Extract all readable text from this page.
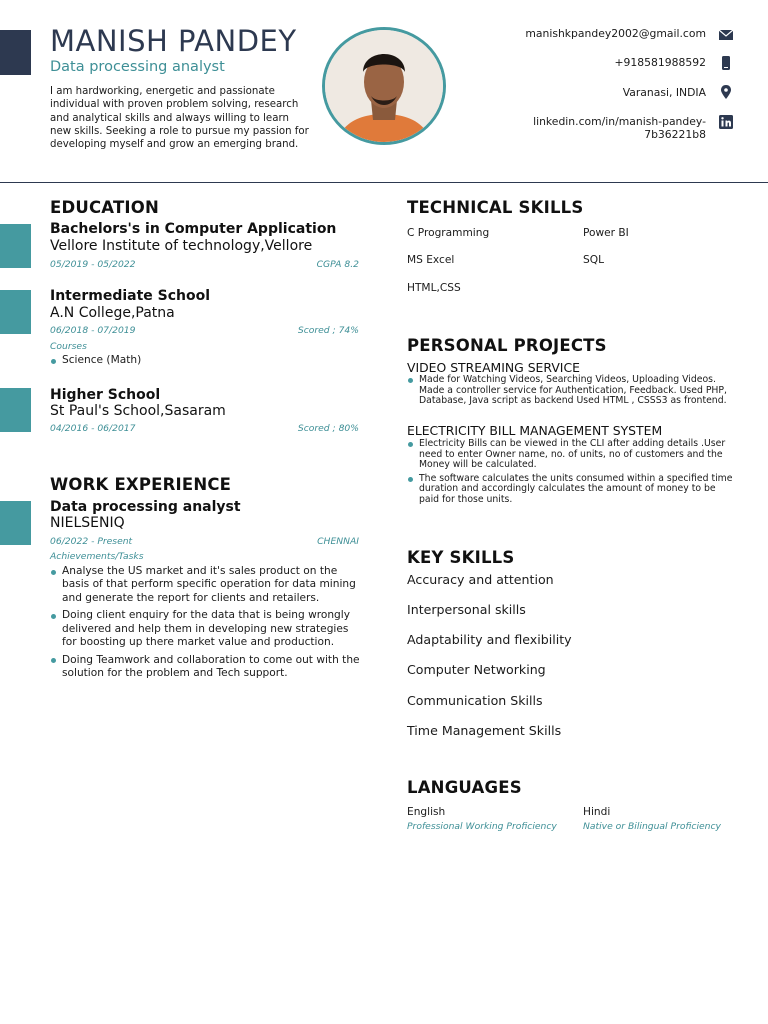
MANISH PANDEY
Data processing analyst
I am hardworking, energetic and passionate individual with proven problem solving, research and analytical skills and always willing to learn new skills. Seeking a role to pursue my passion for developing myself and grow an emerging brand.
manishkpandey2002@gmail.com
+918581988592
Varanasi, INDIA
linkedin.com/in/manish-pandey-
7b36221b8
EDUCATION
Bachelors's in Computer Application
Vellore Institute of technology,Vellore
05/2019 - 05/2022	CGPA 8.2
Intermediate School
A.N College,Patna
06/2018 - 07/2019	Scored ; 74%
Courses
Science (Math)
Higher School
St Paul's School,Sasaram
04/2016 - 06/2017	Scored ; 80%
WORK EXPERIENCE
Data processing analyst
NIELSENIQ
06/2022 - Present	CHENNAI
Achievements/Tasks
Analyse the US market and it's sales product on the basis of that perform specific operation for data mining and generate the report for clients and retailers.
Doing client enquiry for the data that is being wrongly delivered and help them in developing new strategies for boosting up there market value and production.
Doing Teamwork and collaboration to come out with the solution for the problem and Tech support.
TECHNICAL SKILLS
C Programming	Power BI
MS Excel	SQL
HTML,CSS
PERSONAL PROJECTS
VIDEO STREAMING SERVICE
Made for Watching Videos, Searching Videos, Uploading Videos. Made a controller service for Authentication, Feedback. Used PHP, Database, Java script as backend Used HTML , CSSS3 as frontend.
ELECTRICITY BILL MANAGEMENT SYSTEM
Electricity Bills can be viewed in the CLI after adding details .User need to enter Owner name, no. of units, no of customers and the Money will be calculated.
The software calculates the units consumed within a specified time duration and accordingly calculates the amount of money to be paid for those units.
KEY SKILLS
Accuracy and attention
Interpersonal skills
Adaptability and flexibility
Computer Networking
Communication Skills
Time Management Skills
LANGUAGES
English
Professional Working Proficiency
Hindi
Native or Bilingual Proficiency
